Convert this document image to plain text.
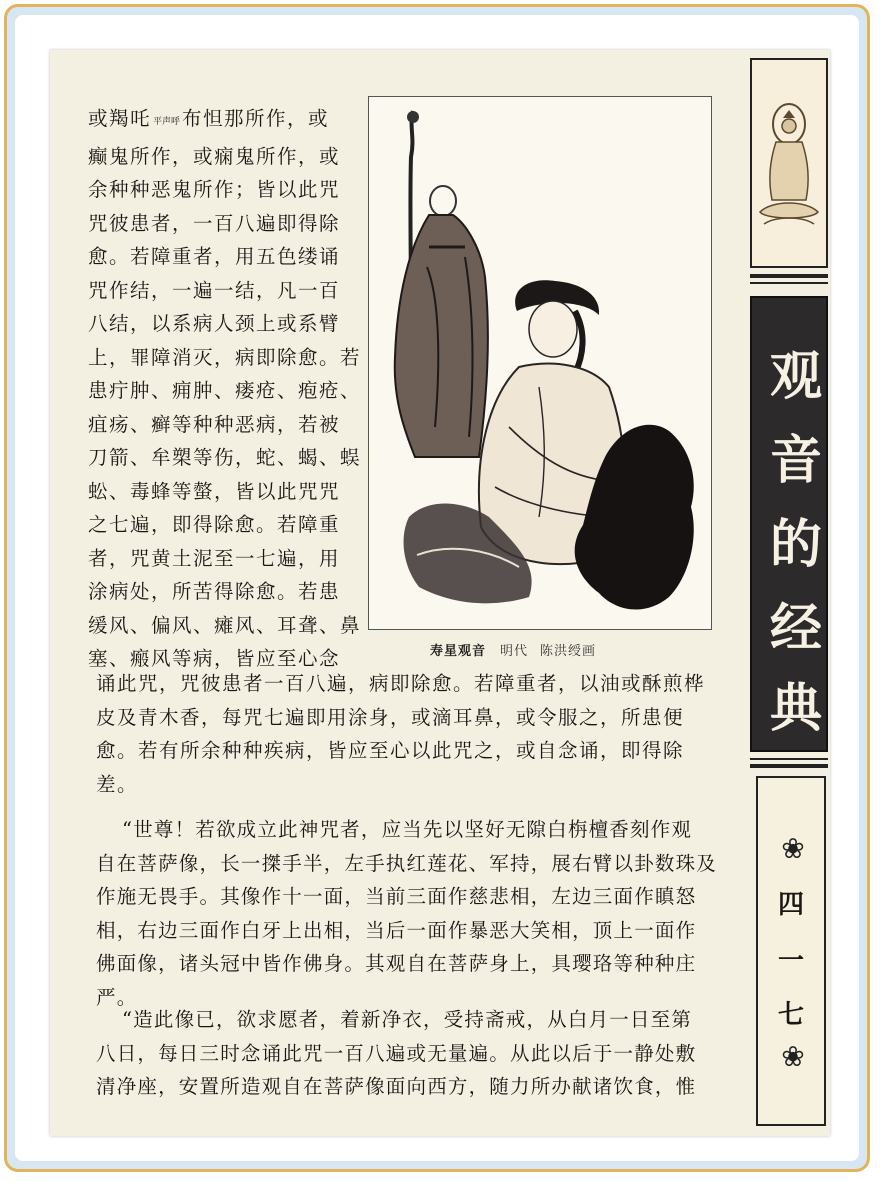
或羯吒 平声呼 布怛那所作，或
癫鬼所作，或痫鬼所作，或
余种种恶鬼所作；皆以此咒
咒彼患者，一百八遍即得除
愈。若障重者，用五色缕诵
咒作结，一遍一结，凡一百
八结，以系病人颈上或系臂
上，罪障消灭，病即除愈。若
患疔肿、痈肿、瘘疮、疱疮、
疽疡、癣等种种恶病，若被
刀箭、牟槊等伤，蛇、蝎、蜈
蚣、毒蜂等螫，皆以此咒咒
之七遍，即得除愈。若障重
者，咒黄土泥至一七遍，用
涂病处，所苦得除愈。若患
缓风、偏风、瘫风、耳聋、鼻
塞、瘢风等病，皆应至心念	寿星观音 明代 陈洪绶画
诵此咒，咒彼患者一百八遍，病即除愈。若障重者，以油或酥煎桦
皮及青木香，每咒七遍即用涂身，或滴耳鼻，或令服之，所患便
愈。若有所余种种疾病，皆应至心以此咒之，或自念诵，即得除
差。
“世尊！若欲成立此神咒者，应当先以坚好无隙白栴檀香刻作观
自在菩萨像，长一搩手半，左手执红莲花、军持，展右臂以卦数珠及
作施无畏手。其像作十一面，当前三面作慈悲相，左边三面作瞋怒
相，右边三面作白牙上出相，当后一面作暴恶大笑相，顶上一面作
佛面像，诸头冠中皆作佛身。其观自在菩萨身上，具璎珞等种种庄
严。
“造此像已，欲求愿者，着新净衣，受持斋戒，从白月一日至第
八日，每日三时念诵此咒一百八遍或无量遍。从此以后于一静处敷
清净座，安置所造观自在菩萨像面向西方，随力所办献诸饮食，惟
观
音
的
经
典
❀
四
一
七
❀
